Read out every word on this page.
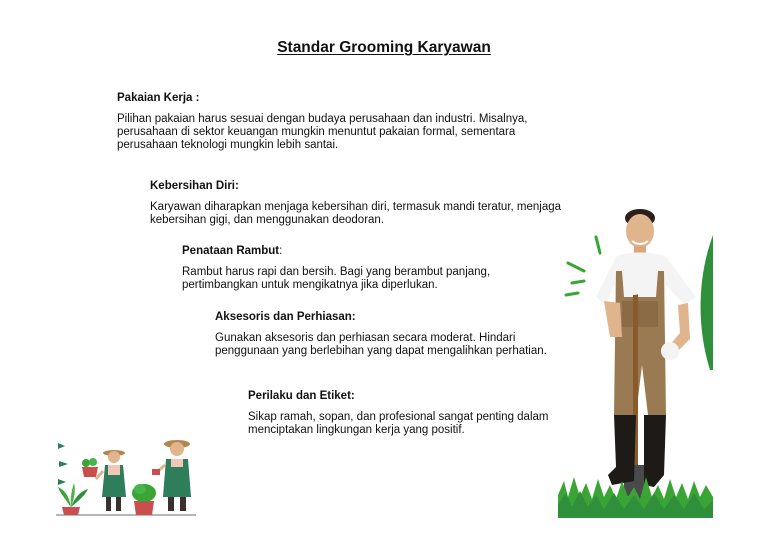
Standar Grooming Karyawan
Pakaian Kerja :

Pilihan pakaian harus sesuai dengan budaya perusahaan dan industri. Misalnya, perusahaan di sektor keuangan mungkin menuntut pakaian formal, sementara perusahaan teknologi mungkin lebih santai.

Kebersihan Diri:

Karyawan diharapkan menjaga kebersihan diri, termasuk mandi teratur, menjaga kebersihan gigi, dan menggunakan deodoran.

Penataan Rambut:

Rambut harus rapi dan bersih. Bagi yang berambut panjang, pertimbangkan untuk mengikatnya jika diperlukan.

Aksesoris dan Perhiasan:

Gunakan aksesoris dan perhiasan secara moderat. Hindari penggunaan yang berlebihan yang dapat mengalihkan perhatian.

Perilaku dan Etiket:

Sikap ramah, sopan, dan profesional sangat penting dalam menciptakan lingkungan kerja yang positif.
